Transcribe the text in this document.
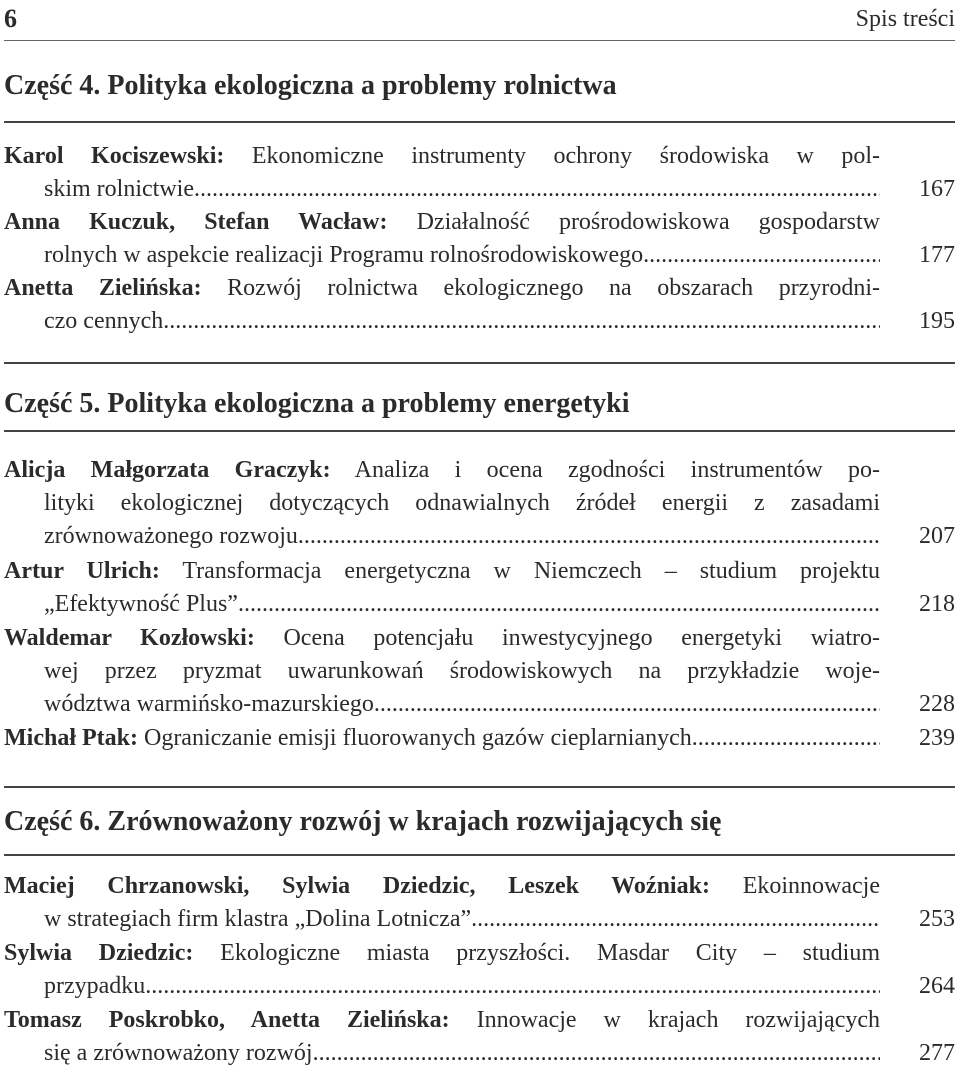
6	Spis treści
Część 4. Polityka ekologiczna a problemy rolnictwa
Karol Kociszewski: Ekonomiczne instrumenty ochrony środowiska w pol-
skim rolnictwie .....	167
Anna Kuczuk, Stefan Wacław: Działalność prośrodowiskowa gospodarstw
rolnych w aspekcie realizacji Programu rolnośrodowiskowego .....	177
Anetta Zielińska: Rozwój rolnictwa ekologicznego na obszarach przyrodni-
czo cennych .....	195
Część 5. Polityka ekologiczna a problemy energetyki
Alicja Małgorzata Graczyk: Analiza i ocena zgodności instrumentów po-
lityki ekologicznej dotyczących odnawialnych źródeł energii z zasadami
zrównoważonego rozwoju .....	207
Artur Ulrich: Transformacja energetyczna w Niemczech – studium projektu
„Efektywność Plus” .....	218
Waldemar Kozłowski: Ocena potencjału inwestycyjnego energetyki wiatro-
wej przez pryzmat uwarunkowań środowiskowych na przykładzie woje-
wództwa warmińsko-mazurskiego .....	228
Michał Ptak: Ograniczanie emisji fluorowanych gazów cieplarnianych .....	239
Część 6. Zrównoważony rozwój w krajach rozwijających się
Maciej Chrzanowski, Sylwia Dziedzic, Leszek Woźniak: Ekoinnowacje
w strategiach firm klastra „Dolina Lotnicza” .....	253
Sylwia Dziedzic: Ekologiczne miasta przyszłości. Masdar City – studium
przypadku .....	264
Tomasz Poskrobko, Anetta Zielińska: Innowacje w krajach rozwijających
się a zrównoważony rozwój .....	277
